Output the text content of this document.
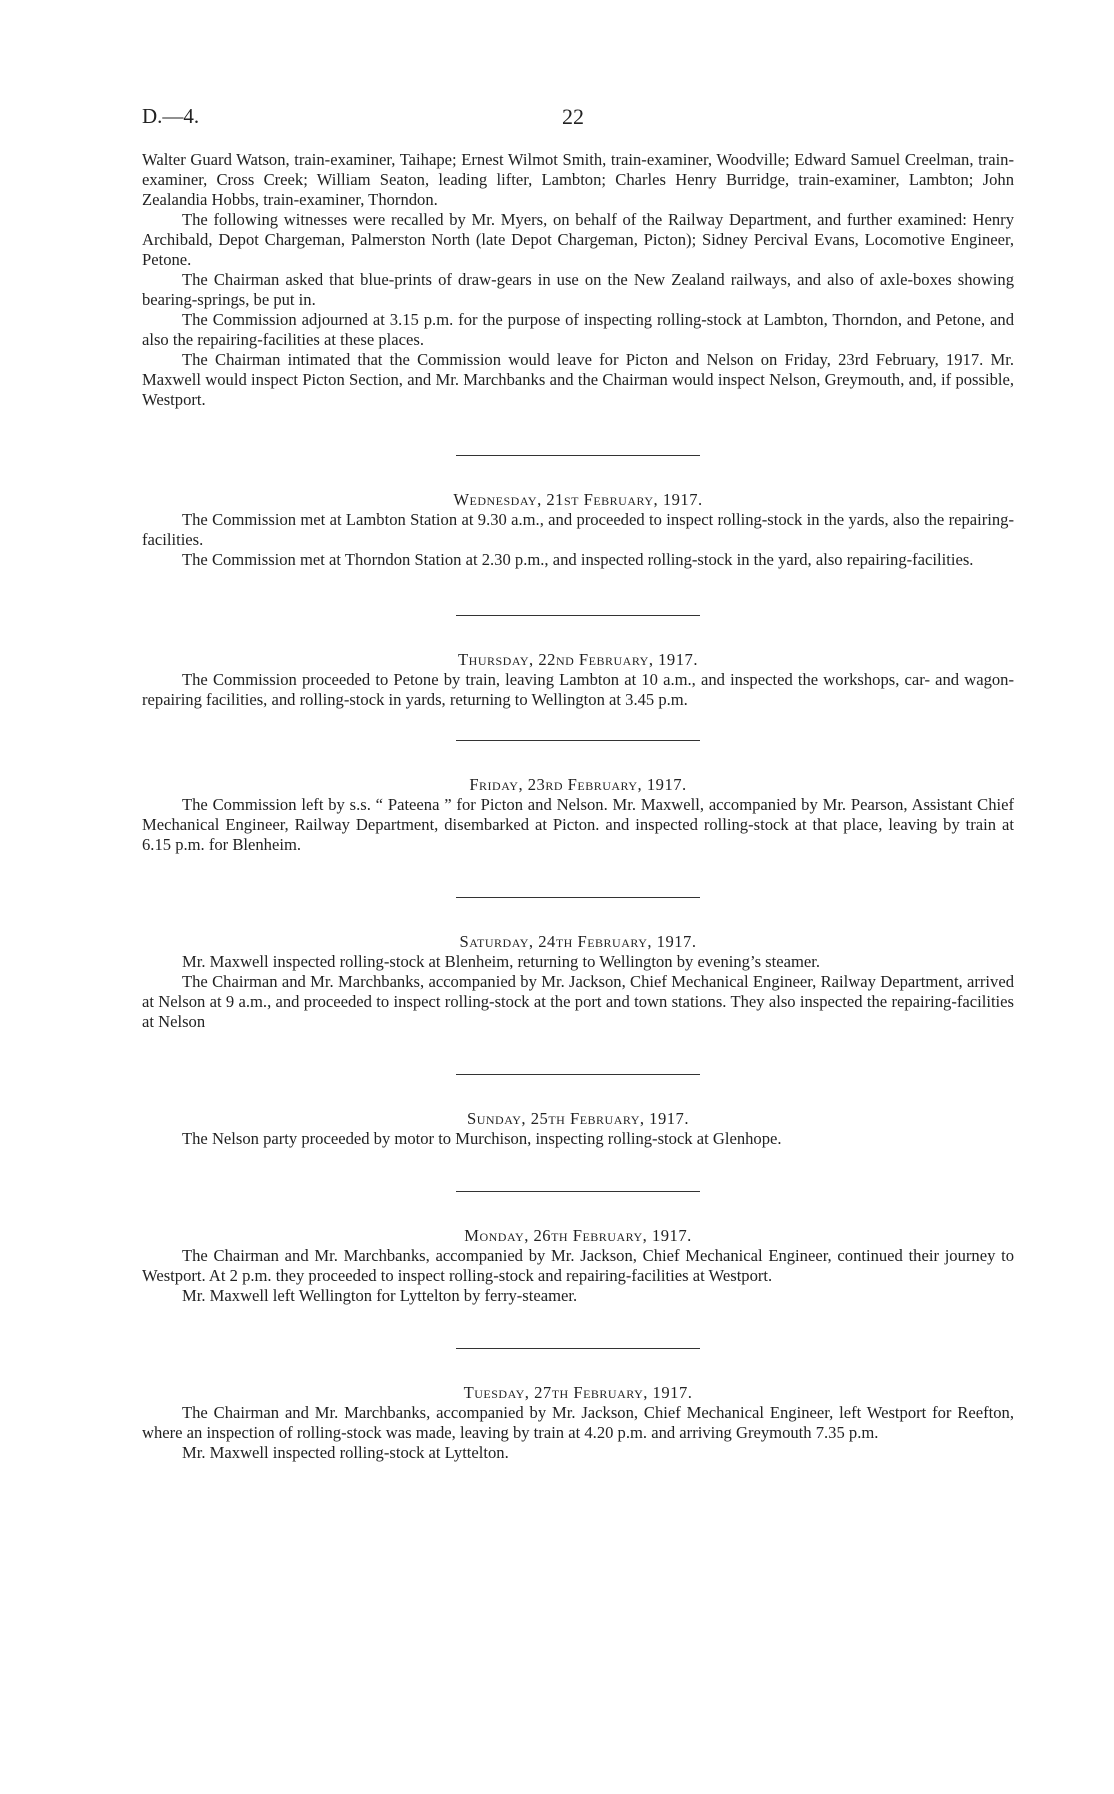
D.—4.	22

Walter Guard Watson, train-examiner, Taihape; Ernest Wilmot Smith, train-examiner, Woodville; Edward Samuel Creelman, train-examiner, Cross Creek; William Seaton, leading lifter, Lambton; Charles Henry Burridge, train-examiner, Lambton; John Zealandia Hobbs, train-examiner, Thorndon.

The following witnesses were recalled by Mr. Myers, on behalf of the Railway Department, and further examined: Henry Archibald, Depot Chargeman, Palmerston North (late Depot Chargeman, Picton); Sidney Percival Evans, Locomotive Engineer, Petone.

The Chairman asked that blue-prints of draw-gears in use on the New Zealand railways, and also of axle-boxes showing bearing-springs, be put in.

The Commission adjourned at 3.15 p.m. for the purpose of inspecting rolling-stock at Lambton, Thorndon, and Petone, and also the repairing-facilities at these places.

The Chairman intimated that the Commission would leave for Picton and Nelson on Friday, 23rd February, 1917. Mr. Maxwell would inspect Picton Section, and Mr. Marchbanks and the Chairman would inspect Nelson, Greymouth, and, if possible, Westport.

Wednesday, 21st February, 1917.

The Commission met at Lambton Station at 9.30 a.m., and proceeded to inspect rolling-stock in the yards, also the repairing-facilities.

The Commission met at Thorndon Station at 2.30 p.m., and inspected rolling-stock in the yard, also repairing-facilities.

Thursday, 22nd February, 1917.

The Commission proceeded to Petone by train, leaving Lambton at 10 a.m., and inspected the workshops, car- and wagon-repairing facilities, and rolling-stock in yards, returning to Wellington at 3.45 p.m.

Friday, 23rd February, 1917.

The Commission left by s.s. “ Pateena ” for Picton and Nelson. Mr. Maxwell, accompanied by Mr. Pearson, Assistant Chief Mechanical Engineer, Railway Department, disembarked at Picton. and inspected rolling-stock at that place, leaving by train at 6.15 p.m. for Blenheim.

Saturday, 24th February, 1917.

Mr. Maxwell inspected rolling-stock at Blenheim, returning to Wellington by evening’s steamer.

The Chairman and Mr. Marchbanks, accompanied by Mr. Jackson, Chief Mechanical Engineer, Railway Department, arrived at Nelson at 9 a.m., and proceeded to inspect rolling-stock at the port and town stations. They also inspected the repairing-facilities at Nelson

Sunday, 25th February, 1917.

The Nelson party proceeded by motor to Murchison, inspecting rolling-stock at Glenhope.

Monday, 26th February, 1917.

The Chairman and Mr. Marchbanks, accompanied by Mr. Jackson, Chief Mechanical Engineer, continued their journey to Westport. At 2 p.m. they proceeded to inspect rolling-stock and repairing-facilities at Westport.

Mr. Maxwell left Wellington for Lyttelton by ferry-steamer.

Tuesday, 27th February, 1917.

The Chairman and Mr. Marchbanks, accompanied by Mr. Jackson, Chief Mechanical Engineer, left Westport for Reefton, where an inspection of rolling-stock was made, leaving by train at 4.20 p.m. and arriving Greymouth 7.35 p.m.

Mr. Maxwell inspected rolling-stock at Lyttelton.
